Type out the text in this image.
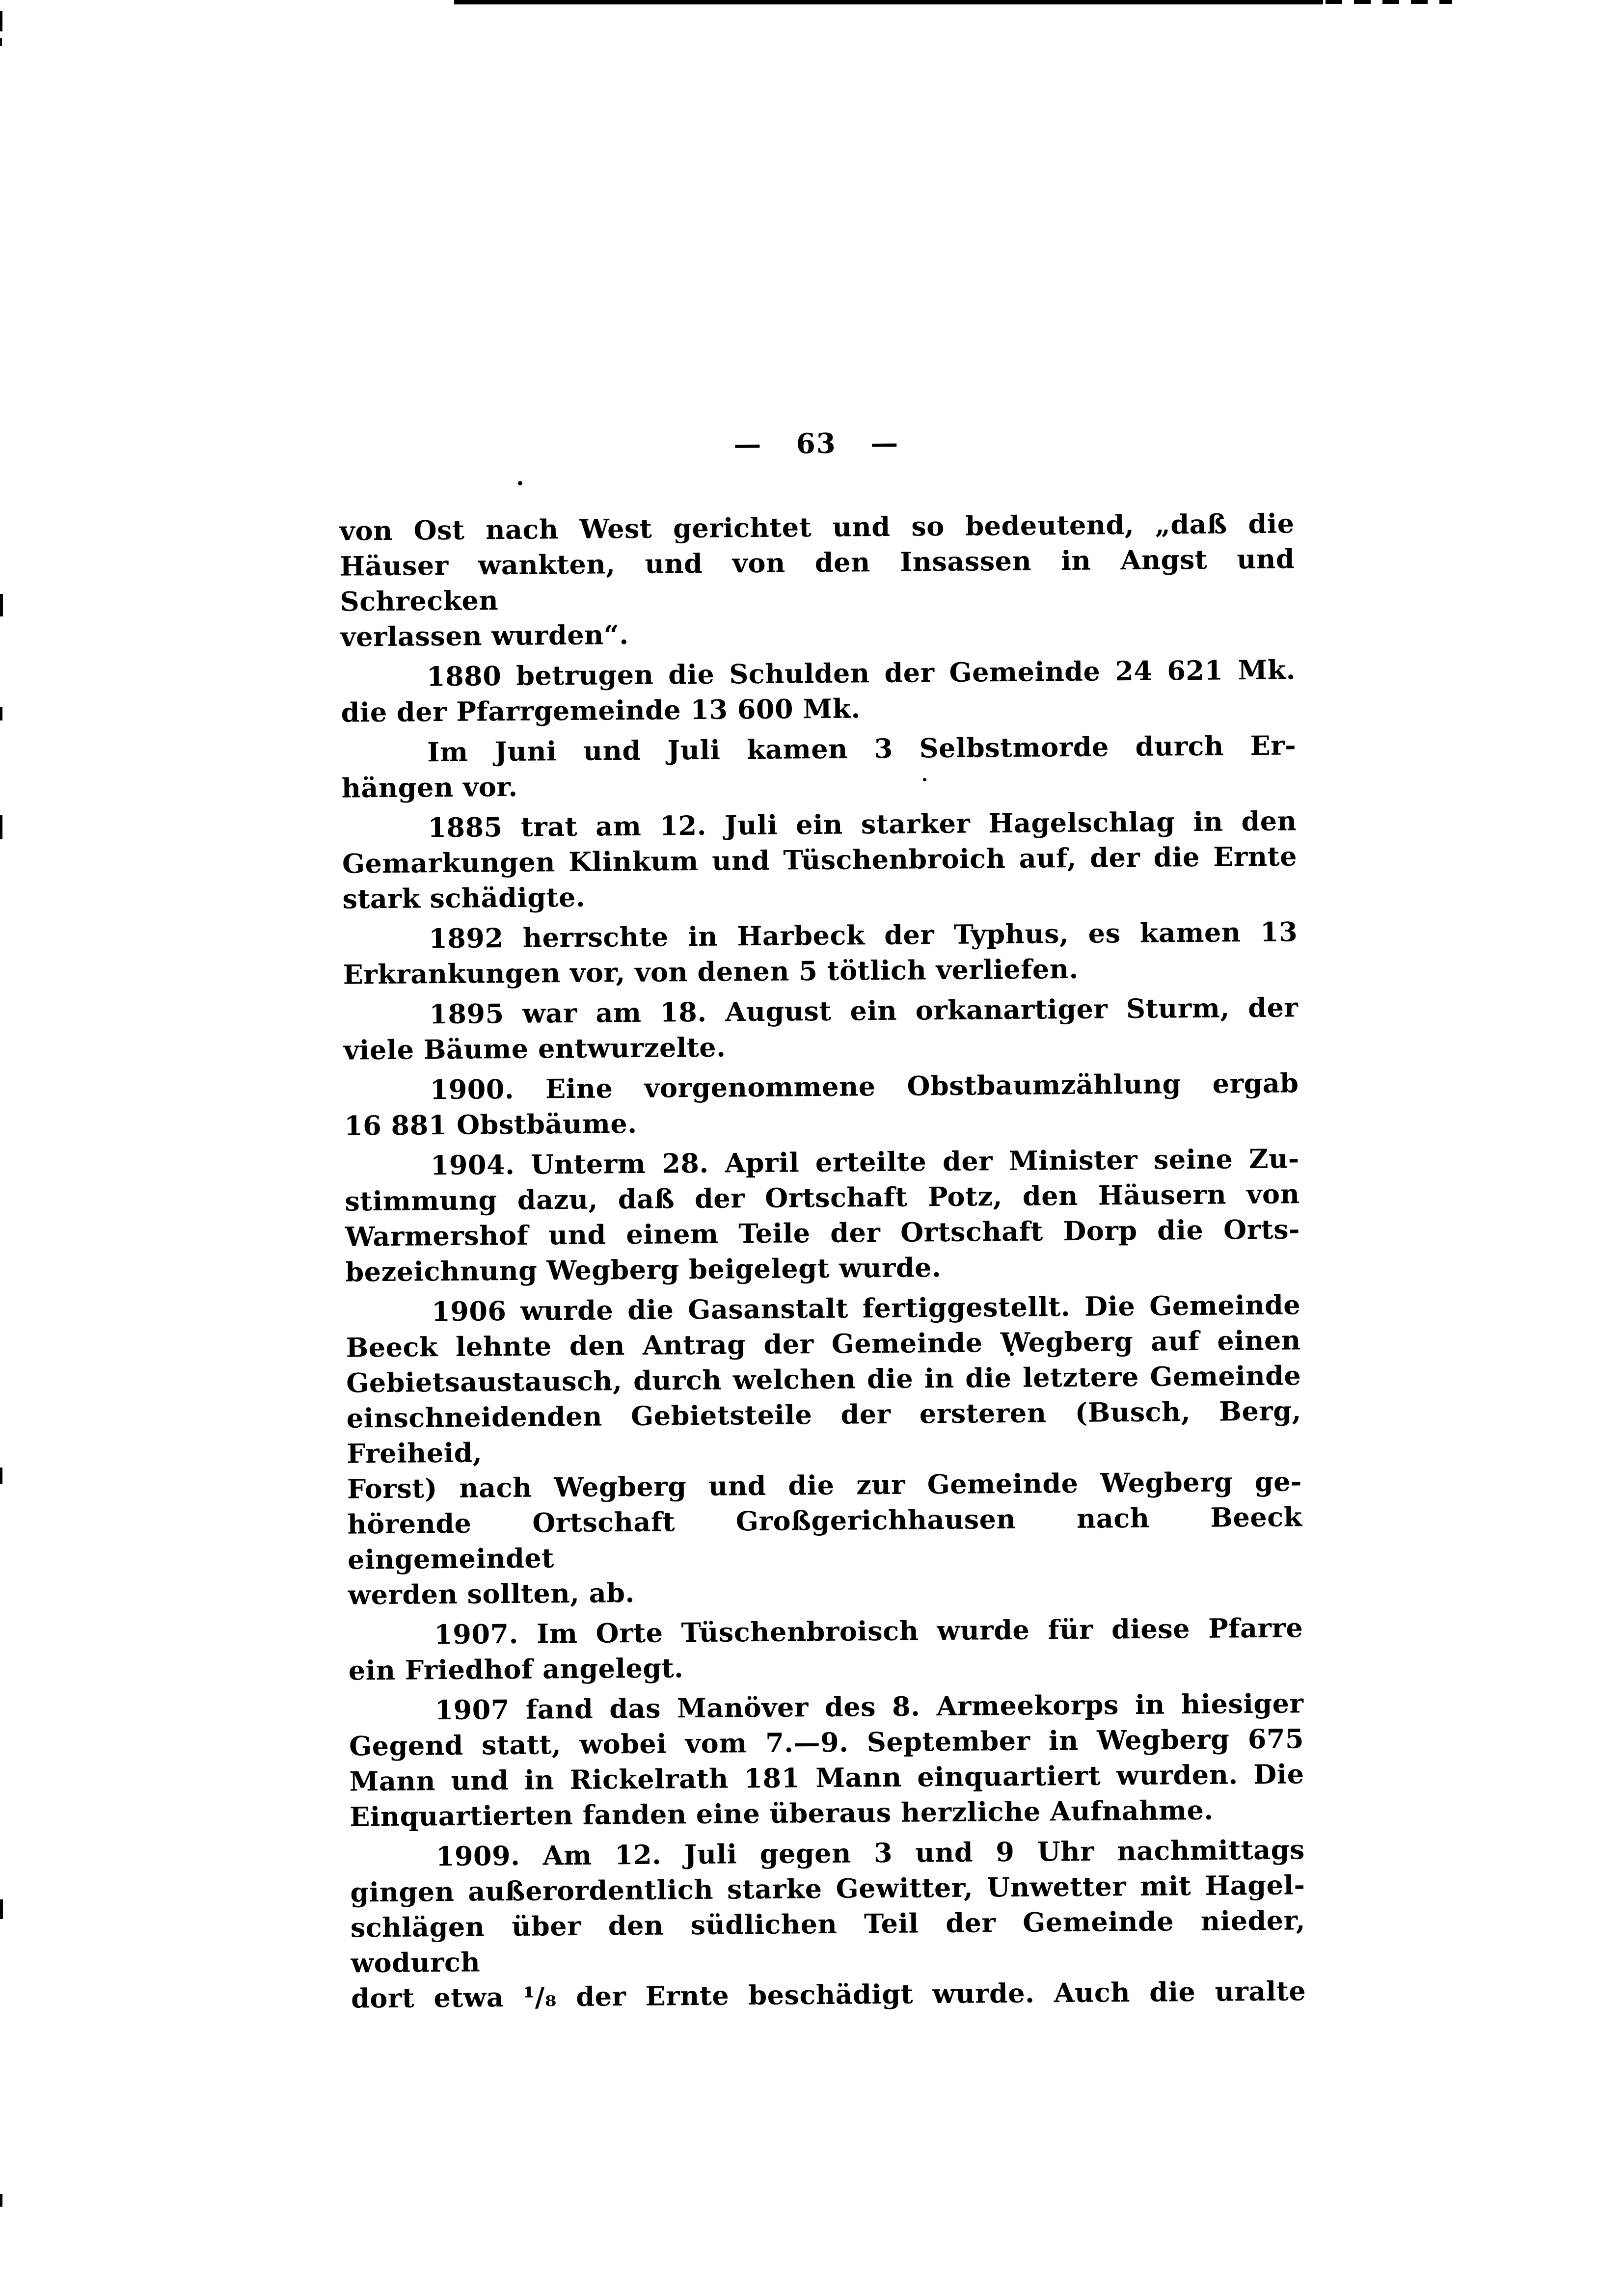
— 63 —
von Ost nach West gerichtet und so bedeutend, „daß die
Häuser wankten, und von den Insassen in Angst und Schrecken
verlassen wurden“.
1880 betrugen die Schulden der Gemeinde 24 621 Mk.
die der Pfarrgemeinde 13 600 Mk.
Im Juni und Juli kamen 3 Selbstmorde durch Er-
hängen vor.
1885 trat am 12. Juli ein starker Hagelschlag in den
Gemarkungen Klinkum und Tüschenbroich auf, der die Ernte
stark schädigte.
1892 herrschte in Harbeck der Typhus, es kamen 13
Erkrankungen vor, von denen 5 tötlich verliefen.
1895 war am 18. August ein orkanartiger Sturm, der
viele Bäume entwurzelte.
1900. Eine vorgenommene Obstbaumzählung ergab
16 881 Obstbäume.
1904. Unterm 28. April erteilte der Minister seine Zu-
stimmung dazu, daß der Ortschaft Potz, den Häusern von
Warmershof und einem Teile der Ortschaft Dorp die Orts-
bezeichnung Wegberg beigelegt wurde.
1906 wurde die Gasanstalt fertiggestellt. Die Gemeinde
Beeck lehnte den Antrag der Gemeinde Wegberg auf einen
Gebietsaustausch, durch welchen die in die letztere Gemeinde
einschneidenden Gebietsteile der ersteren (Busch, Berg, Freiheid,
Forst) nach Wegberg und die zur Gemeinde Wegberg ge-
hörende Ortschaft Großgerichhausen nach Beeck eingemeindet
werden sollten, ab.
1907. Im Orte Tüschenbroisch wurde für diese Pfarre
ein Friedhof angelegt.
1907 fand das Manöver des 8. Armeekorps in hiesiger
Gegend statt, wobei vom 7.—9. September in Wegberg 675
Mann und in Rickelrath 181 Mann einquartiert wurden. Die
Einquartierten fanden eine überaus herzliche Aufnahme.
1909. Am 12. Juli gegen 3 und 9 Uhr nachmittags
gingen außerordentlich starke Gewitter, Unwetter mit Hagel-
schlägen über den südlichen Teil der Gemeinde nieder, wodurch
dort etwa ¹/₈ der Ernte beschädigt wurde. Auch die uralte
